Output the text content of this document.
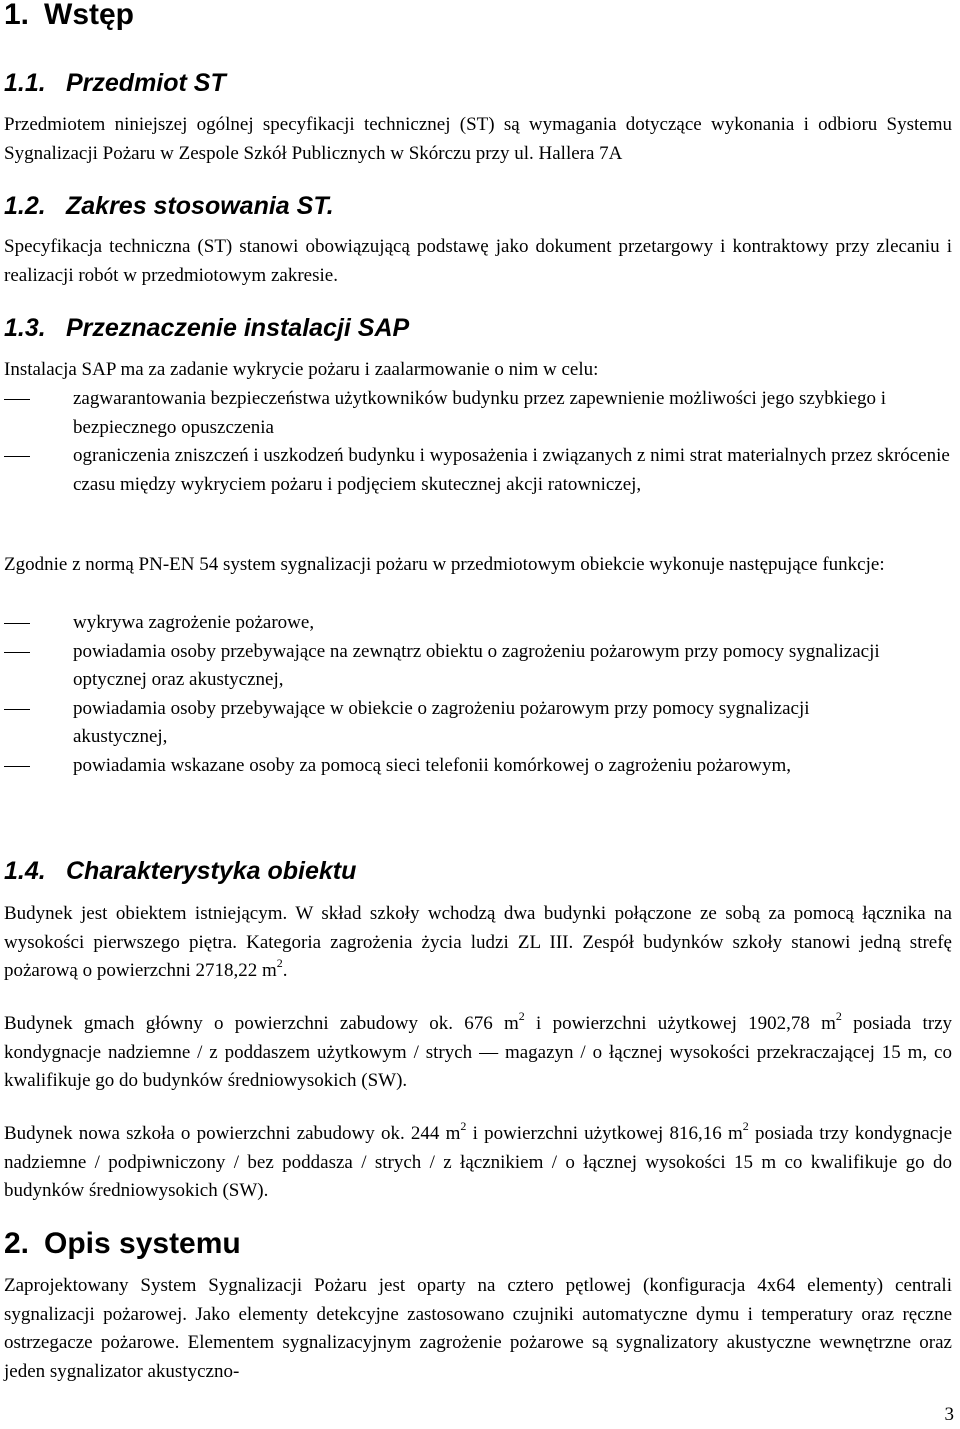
1. Wstęp
1.1. Przedmiot ST

Przedmiotem niniejszej ogólnej specyfikacji technicznej (ST) są wymagania dotyczące wykonania i odbioru Systemu Sygnalizacji Pożaru w Zespole Szkół Publicznych w Skórczu przy ul. Hallera 7A

1.2. Zakres stosowania ST.

Specyfikacja techniczna (ST) stanowi obowiązującą podstawę jako dokument przetargowy i kontraktowy przy zlecaniu i realizacji robót w przedmiotowym zakresie.

1.3. Przeznaczenie instalacji SAP

Instalacja SAP ma za zadanie wykrycie pożaru i zaalarmowanie o nim w celu:

zagwarantowania bezpieczeństwa użytkowników budynku przez zapewnienie możliwości jego szybkiego i bezpiecznego opuszczenia
ograniczenia zniszczeń i uszkodzeń budynku i wyposażenia i związanych z nimi strat materialnych przez skrócenie czasu między wykryciem pożaru i podjęciem skutecznej akcji ratowniczej,

Zgodnie z normą PN-EN 54 system sygnalizacji pożaru w przedmiotowym obiekcie wykonuje następujące funkcje:

wykrywa zagrożenie pożarowe,
powiadamia osoby przebywające na zewnątrz obiektu o zagrożeniu pożarowym przy pomocy sygnalizacji optycznej oraz akustycznej,
powiadamia osoby przebywające w obiekcie o zagrożeniu pożarowym przy pomocy sygnalizacji akustycznej,
powiadamia wskazane osoby za pomocą sieci telefonii komórkowej o zagrożeniu pożarowym,
1.4. Charakterystyka obiektu

Budynek jest obiektem istniejącym. W skład szkoły wchodzą dwa budynki połączone ze sobą za pomocą łącznika na wysokości pierwszego piętra. Kategoria zagrożenia życia ludzi ZL III. Zespół budynków szkoły stanowi jedną strefę pożarową o powierzchni 2718,22 $m^2$.

Budynek gmach główny o powierzchni zabudowy ok. 676 $m^2$ i powierzchni użytkowej 1902,78 $m^2$ posiada trzy kondygnacje nadziemne / z poddaszem użytkowym / strych — magazyn / o łącznej wysokości przekraczającej 15 m, co kwalifikuje go do budynków średniowysokich (SW).

Budynek nowa szkoła o powierzchni zabudowy ok. 244 $m^2$ i powierzchni użytkowej 816,16 $m^2$ posiada trzy kondygnacje nadziemne / podpiwniczony / bez poddasza / strych / z łącznikiem / o łącznej wysokości 15 m co kwalifikuje go do budynków średniowysokich (SW).

2. Opis systemu

Zaprojektowany System Sygnalizacji Pożaru jest oparty na cztero pętlowej (konfiguracja 4x64 elementy) centrali sygnalizacji pożarowej. Jako elementy detekcyjne zastosowano czujniki automatyczne dymu i temperatury oraz ręczne ostrzegacze pożarowe. Elementem sygnalizacyjnym zagrożenie pożarowe są sygnalizatory akustyczne wewnętrzne oraz jeden sygnalizator akustyczno-

3
